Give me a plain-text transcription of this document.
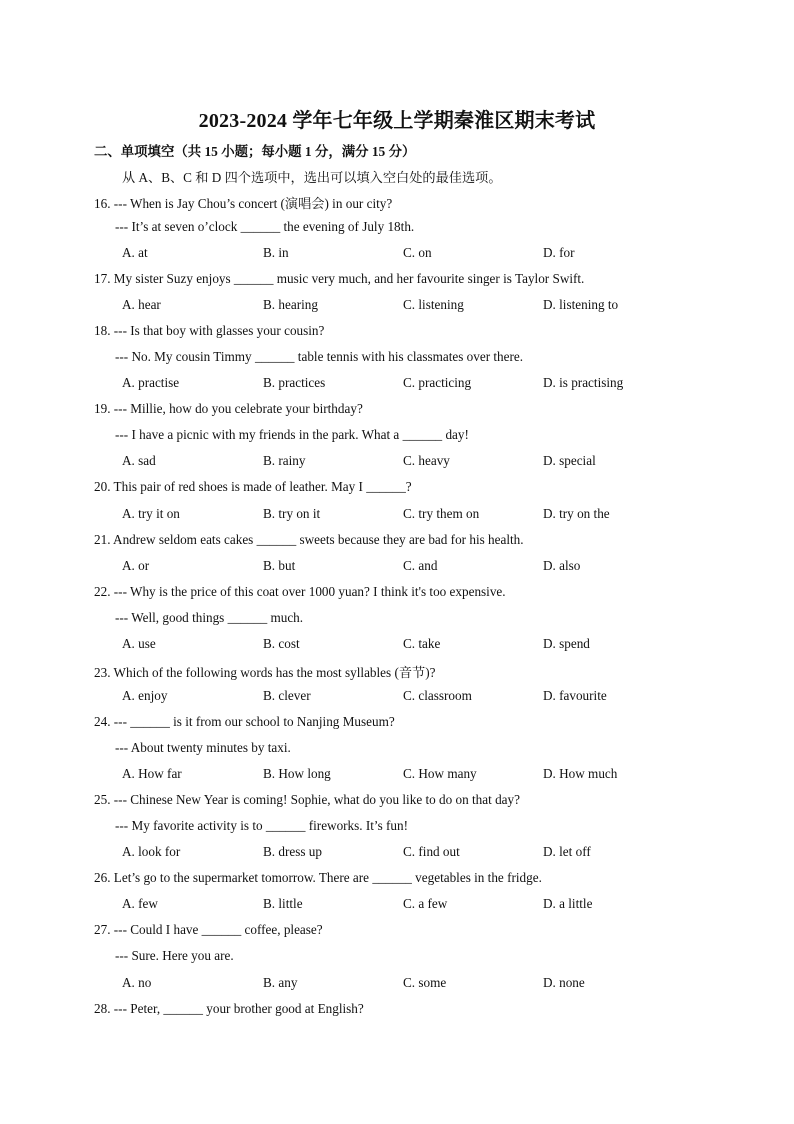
2023-2024 学年七年级上学期秦淮区期末考试
二、单项填空（共 15 小题；每小题 1 分，满分 15 分）
从 A、B、C 和 D 四个选项中，选出可以填入空白处的最佳选项。
16. --- When is Jay Chou’s concert (演唱会) in our city?
--- It’s at seven o’clock ______ the evening of July 18th.
A. at	B. in	C. on	D. for
17. My sister Suzy enjoys ______ music very much, and her favourite singer is Taylor Swift.
A. hear	B. hearing	C. listening	D. listening to
18. --- Is that boy with glasses your cousin?
--- No. My cousin Timmy ______ table tennis with his classmates over there.
A. practise	B. practices	C. practicing	D. is practising
19. --- Millie, how do you celebrate your birthday?
--- I have a picnic with my friends in the park. What a ______ day!
A. sad	B. rainy	C. heavy	D. special
20. This pair of red shoes is made of leather. May I ______?
A. try it on	B. try on it	C. try them on	D. try on the
21. Andrew seldom eats cakes ______ sweets because they are bad for his health.
A. or	B. but	C. and	D. also
22. --- Why is the price of this coat over 1000 yuan? I think it's too expensive.
--- Well, good things ______ much.
A. use	B. cost	C. take	D. spend
23. Which of the following words has the most syllables (音节)?
A. enjoy	B. clever	C. classroom	D. favourite
24. --- ______ is it from our school to Nanjing Museum?
--- About twenty minutes by taxi.
A. How far	B. How long	C. How many	D. How much
25. --- Chinese New Year is coming! Sophie, what do you like to do on that day?
--- My favorite activity is to ______ fireworks. It’s fun!
A. look for	B. dress up	C. find out	D. let off
26. Let’s go to the supermarket tomorrow. There are ______ vegetables in the fridge.
A. few	B. little	C. a few	D. a little
27. --- Could I have ______ coffee, please?
--- Sure. Here you are.
A. no	B. any	C. some	D. none
28. --- Peter, ______ your brother good at English?
